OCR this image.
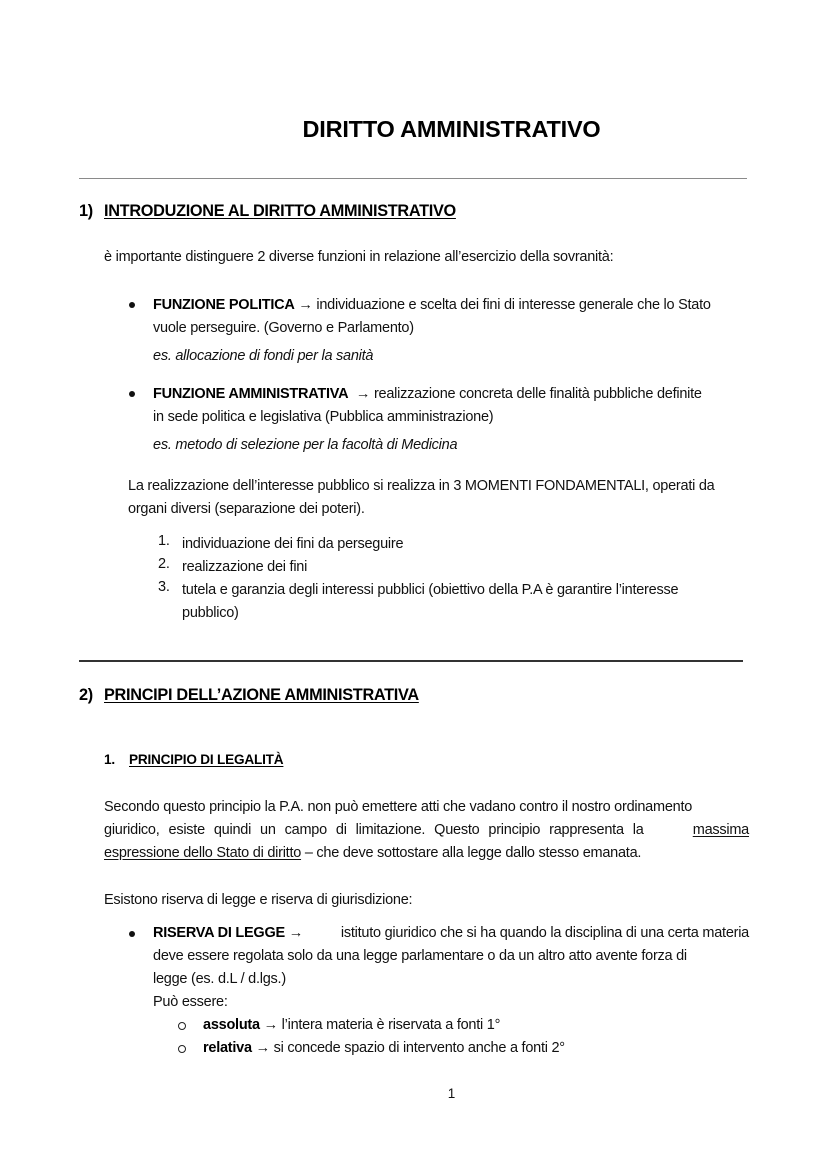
DIRITTO AMMINISTRATIVO
1) INTRODUZIONE AL DIRITTO AMMINISTRATIVO
è importante distinguere 2 diverse funzioni in relazione all’esercizio della sovranità:
FUNZIONE POLITICA → individuazione e scelta dei fini di interesse generale che lo Stato
vuole perseguire. (Governo e Parlamento)
es. allocazione di fondi per la sanità
FUNZIONE AMMINISTRATIVA → realizzazione concreta delle finalità pubbliche definite
in sede politica e legislativa (Pubblica amministrazione)
es. metodo di selezione per la facoltà di Medicina
La realizzazione dell’interesse pubblico si realizza in 3 MOMENTI FONDAMENTALI, operati da
organi diversi (separazione dei poteri).
1. individuazione dei fini da perseguire
2. realizzazione dei fini
3. tutela e garanzia degli interessi pubblici (obiettivo della P.A è garantire l’interesse
pubblico)
2) PRINCIPI DELL’AZIONE AMMINISTRATIVA
1. PRINCIPIO DI LEGALITÀ
Secondo questo principio la P.A. non può emettere atti che vadano contro il nostro ordinamento
giuridico, esiste quindi un campo di limitazione. Questo principio rappresenta la	massima
espressione dello Stato di diritto – che deve sottostare alla legge dallo stesso emanata.
Esistono riserva di legge e riserva di giurisdizione:
RISERVA DI LEGGE →	istituto giuridico che si ha quando la disciplina di una certa materia
deve essere regolata solo da una legge parlamentare o da un altro atto avente forza di
legge (es. d.L / d.lgs.)
Può essere:
assoluta → l’intera materia è riservata a fonti 1°
relativa → si concede spazio di intervento anche a fonti 2°
1
